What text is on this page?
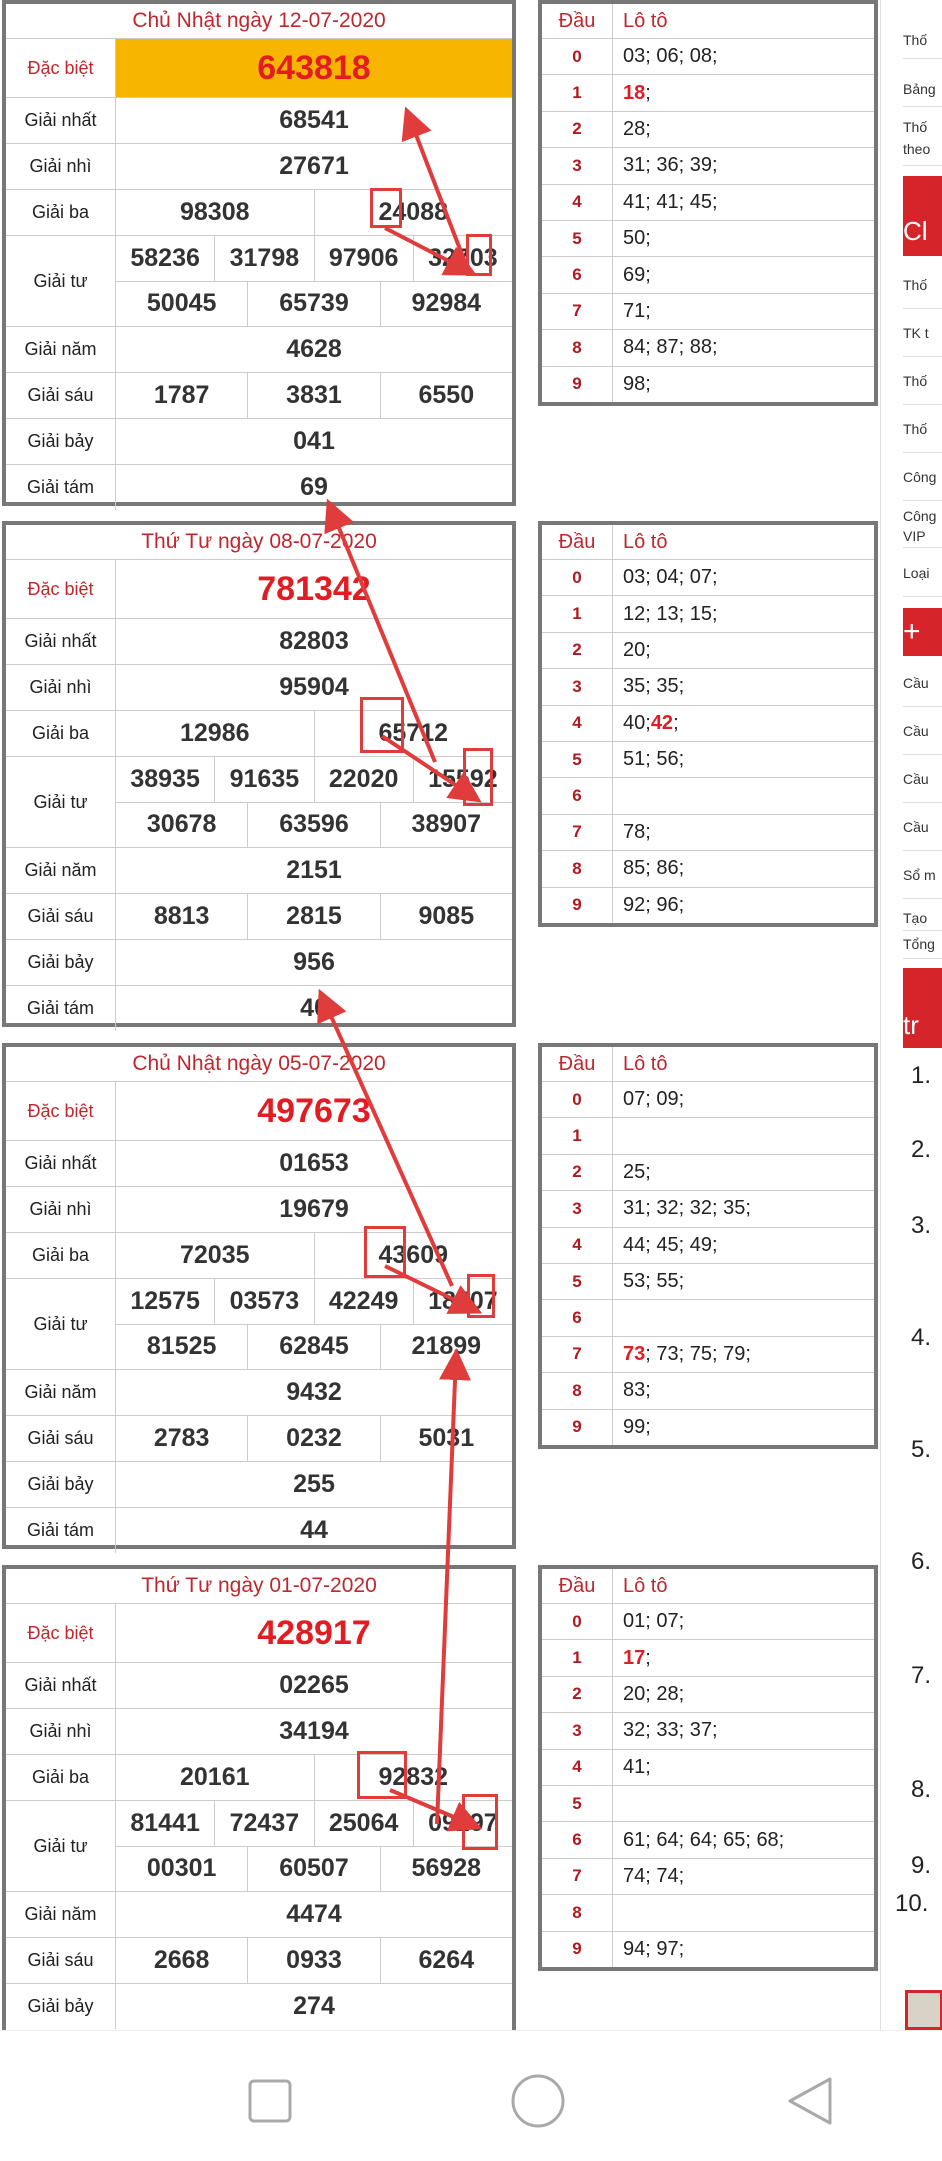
Chủ Nhật ngày 12-07-2020
Đặc biệt	643818
Giải nhất	68541
Giải nhì	27671
Giải ba	98308	24088
Giải tư
58236	31798	97906	32703
50045	65739	92984
Giải năm	4628
Giải sáu	1787	3831	6550
Giải bảy	041
Giải tám	69
Đầu	Lô tô
0	03; 06; 08;
1	18 ;
2	28;
3	31; 36; 39;
4	41; 41; 45;
5	50;
6	69;
7	71;
8	84; 87; 88;
9	98;
Thứ Tư ngày 08-07-2020
Đặc biệt	781342
Giải nhất	82803
Giải nhì	95904
Giải ba	12986	65712
Giải tư
38935	91635	22020	15592
30678	63596	38907
Giải năm	2151
Giải sáu	8813	2815	9085
Giải bảy	956
Giải tám	40
Đầu	Lô tô
0	03; 04; 07;
1	12; 13; 15;
2	20;
3	35; 35;
4	40; 42 ;
5	51; 56;
6
7	78;
8	85; 86;
9	92; 96;
Chủ Nhật ngày 05-07-2020
Đặc biệt	497673
Giải nhất	01653
Giải nhì	19679
Giải ba	72035	43609
Giải tư
12575	03573	42249	18407
81525	62845	21899
Giải năm	9432
Giải sáu	2783	0232	5031
Giải bảy	255
Giải tám	44
Đầu	Lô tô
0	07; 09;
1
2	25;
3	31; 32; 32; 35;
4	44; 45; 49;
5	53; 55;
6
7	73 ; 73; 75; 79;
8	83;
9	99;
Thứ Tư ngày 01-07-2020
Đặc biệt	428917
Giải nhất	02265
Giải nhì	34194
Giải ba	20161	92832
Giải tư
81441	72437	25064	09297
00301	60507	56928
Giải năm	4474
Giải sáu	2668	0933	6264
Giải bảy	274
Đầu	Lô tô
0	01; 07;
1	17 ;
2	20; 28;
3	32; 33; 37;
4	41;
5
6	61; 64; 64; 65; 68;
7	74; 74;
8
9	94; 97;
Thố
Bảng
Thố theo
Cl
Thố
TK t
Thố
Thố
Công
Công VIP
Loại
+
Cầu
Cầu
Cầu
Cầu
Sổ m
Tạo
Tổng
tr
1.
2.
3.
4.
5.
6.
7.
8.
9.
10.
